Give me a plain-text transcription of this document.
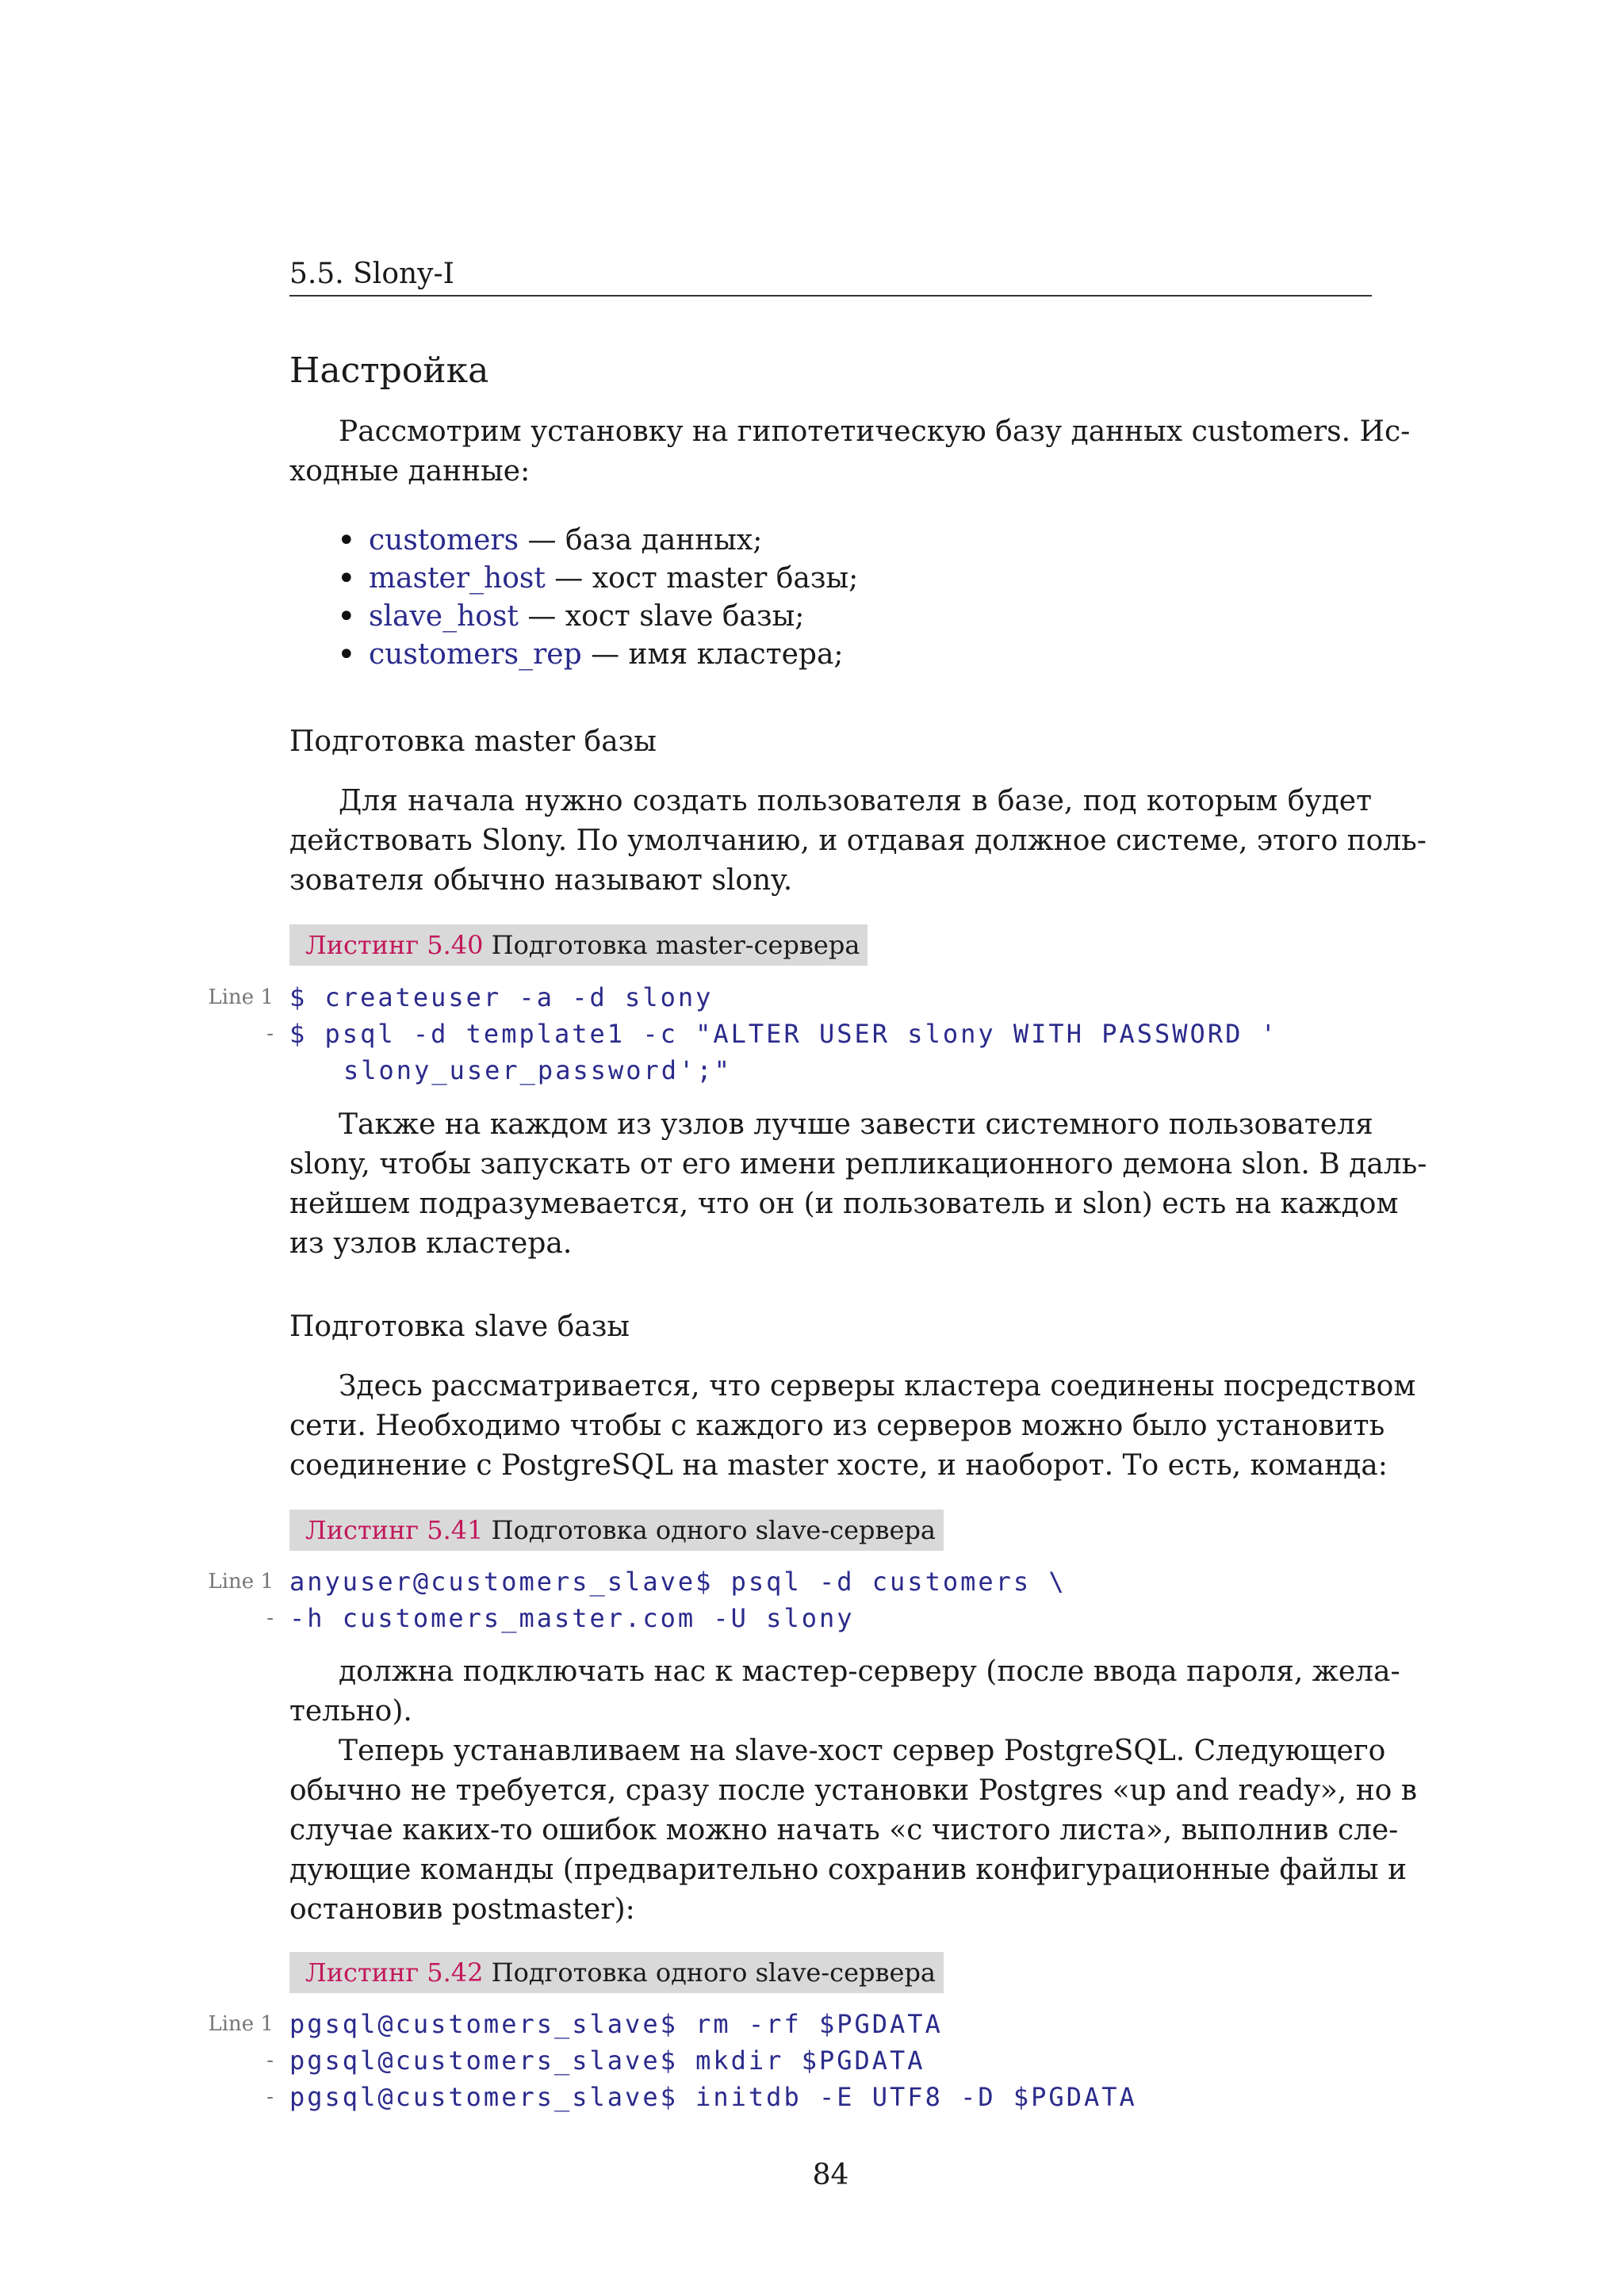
5.5. Slony-I
Настройка
Рассмотрим установку на гипотетическую базу данных customers. Ис-
ходные данные:
• customers — база данных;
• master_host — хост master базы;
• slave_host — хост slave базы;
• customers_rep — имя кластера;
Подготовка master базы
Для начала нужно создать пользователя в базе, под которым будет
действовать Slony. По умолчанию, и отдавая должное системе, этого поль-
зователя обычно называют slony.
Листинг 5.40 Подготовка master-сервера
Line 1 $ createuser -a -d slony
- $ psql -d template1 -c "ALTER USER slony WITH PASSWORD '
slony_user_password';"
Также на каждом из узлов лучше завести системного пользователя
slony, чтобы запускать от его имени репликационного демона slon. В даль-
нейшем подразумевается, что он (и пользователь и slon) есть на каждом
из узлов кластера.
Подготовка slave базы
Здесь рассматривается, что серверы кластера соединены посредством
сети. Необходимо чтобы с каждого из серверов можно было установить
соединение с PostgreSQL на master хосте, и наоборот. То есть, команда:
Листинг 5.41 Подготовка одного slave-сервера
Line 1 anyuser@customers_slave$ psql -d customers \
- -h customers_master.com -U slony
должна подключать нас к мастер-серверу (после ввода пароля, жела-
тельно).
Теперь устанавливаем на slave-хост сервер PostgreSQL. Следующего
обычно не требуется, сразу после установки Postgres «up and ready», но в
случае каких-то ошибок можно начать «с чистого листа», выполнив сле-
дующие команды (предварительно сохранив конфигурационные файлы и
остановив postmaster):
Листинг 5.42 Подготовка одного slave-сервера
Line 1 pgsql@customers_slave$ rm -rf $PGDATA
- pgsql@customers_slave$ mkdir $PGDATA
- pgsql@customers_slave$ initdb -E UTF8 -D $PGDATA
84
